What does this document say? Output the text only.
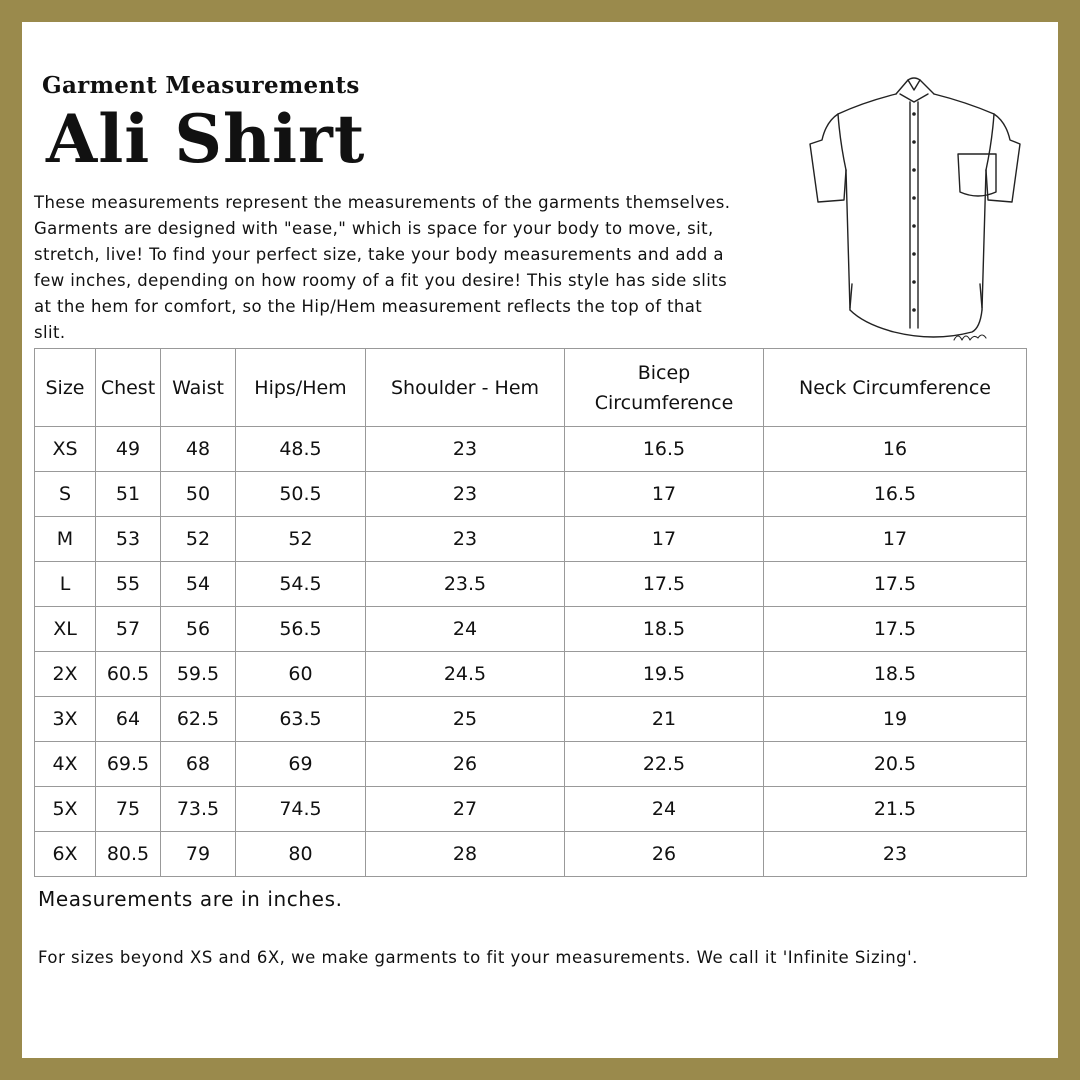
Garment Measurements
Ali Shirt
These measurements represent the measurements of the garments themselves.
Garments are designed with "ease," which is space for your body to move, sit,
stretch, live! To find your perfect size, take your body measurements and add a
few inches, depending on how roomy of a fit you desire! This style has side slits
at the hem for comfort, so the Hip/Hem measurement reflects the top of that
slit.
Size	Chest	Waist	Hips/Hem	Shoulder - Hem	Bicep
Circumference	Neck Circumference
XS	49	48	48.5	23	16.5	16
S	51	50	50.5	23	17	16.5
M	53	52	52	23	17	17
L	55	54	54.5	23.5	17.5	17.5
XL	57	56	56.5	24	18.5	17.5
2X	60.5	59.5	60	24.5	19.5	18.5
3X	64	62.5	63.5	25	21	19
4X	69.5	68	69	26	22.5	20.5
5X	75	73.5	74.5	27	24	21.5
6X	80.5	79	80	28	26	23
Measurements are in inches.
For sizes beyond XS and 6X, we make garments to fit your measurements. We call it 'Infinite Sizing'.
